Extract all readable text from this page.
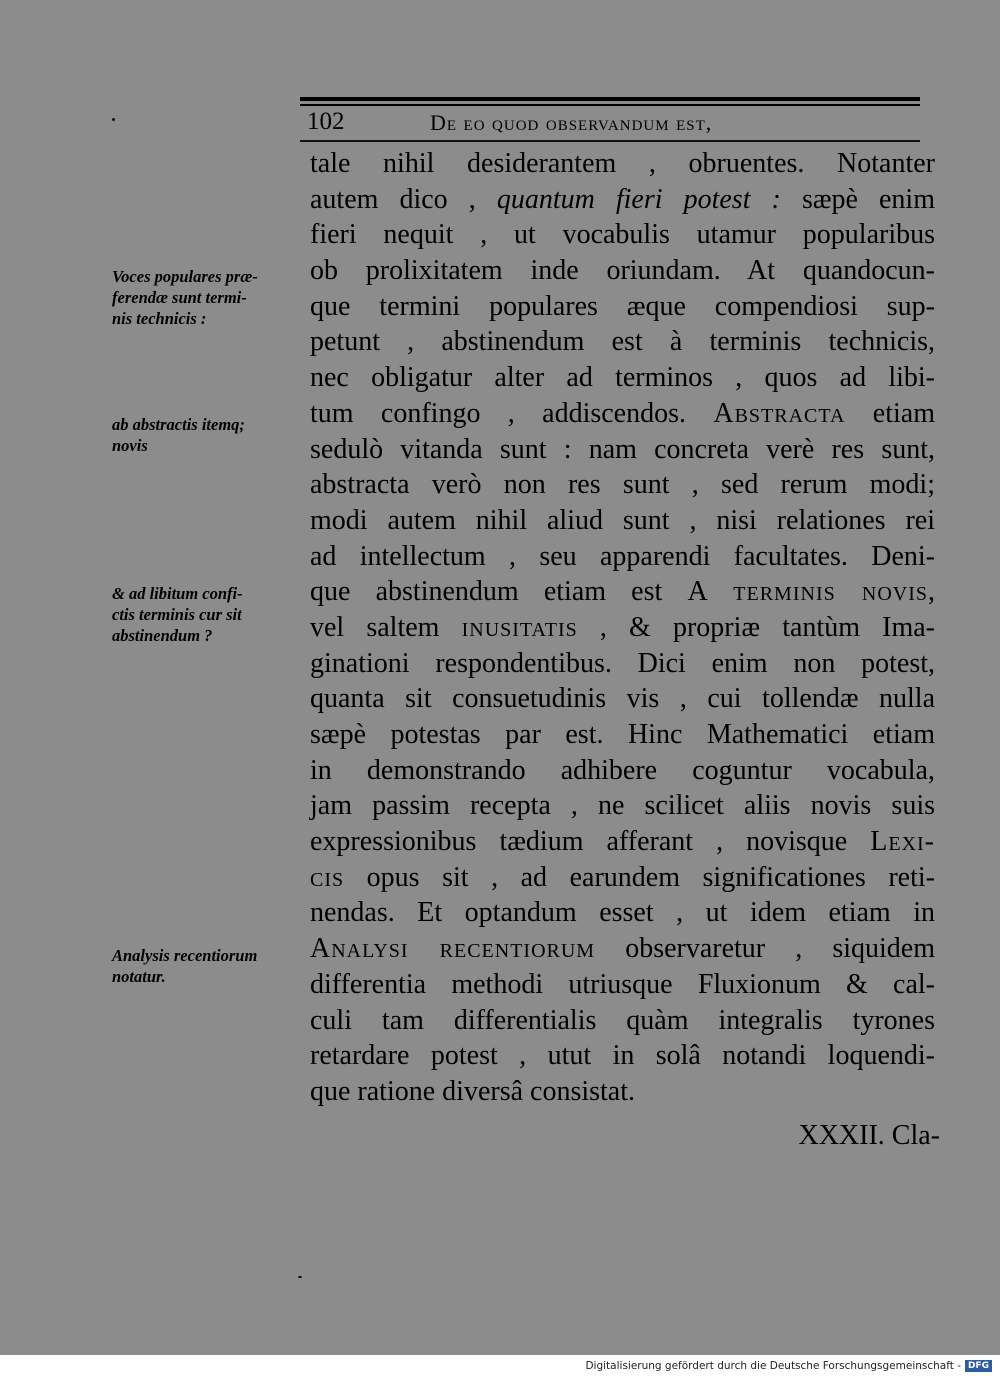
102	De eo quod observandum est,
tale nihil desiderantem , obruentes. Notanter
autem dico , quantum fieri potest : sæpè enim
fieri nequit , ut vocabulis utamur popularibus
ob prolixitatem inde oriundam. At quandocun-
que termini populares æque compendiosi sup-
petunt , abstinendum est à terminis technicis,
nec obligatur alter ad terminos , quos ad libi-
tum confingo , addiscendos. Abstracta etiam
sedulò vitanda sunt : nam concreta verè res sunt,
abstracta verò non res sunt , sed rerum modi;
modi autem nihil aliud sunt , nisi relationes rei
ad intellectum , seu apparendi facultates. Deni-
que abstinendum etiam est A terminis novis,
vel saltem inusitatis , & propriæ tantùm Ima-
ginationi respondentibus. Dici enim non potest,
quanta sit consuetudinis vis , cui tollendæ nulla
sæpè potestas par est. Hinc Mathematici etiam
in demonstrando adhibere coguntur vocabula,
jam passim recepta , ne scilicet aliis novis suis
expressionibus tædium afferant , novisque Lexi-
cis opus sit , ad earundem significationes reti-
nendas. Et optandum esset , ut idem etiam in
Analysi recentiorum observaretur , siquidem
differentia methodi utriusque Fluxionum & cal-
culi tam differentialis quàm integralis tyrones
retardare potest , utut in solâ notandi loquendi-
que ratione diversâ consistat.
Voces populares præ-
ferendæ sunt termi-
nis technicis :
ab abstractis itemq;
novis
& ad libitum confi-
ctis terminis cur sit
abstinendum ?
Analysis recentiorum
notatur.
XXXII. Cla-
Digitalisierung gefördert durch die Deutsche Forschungsgemeinschaft - DFG
